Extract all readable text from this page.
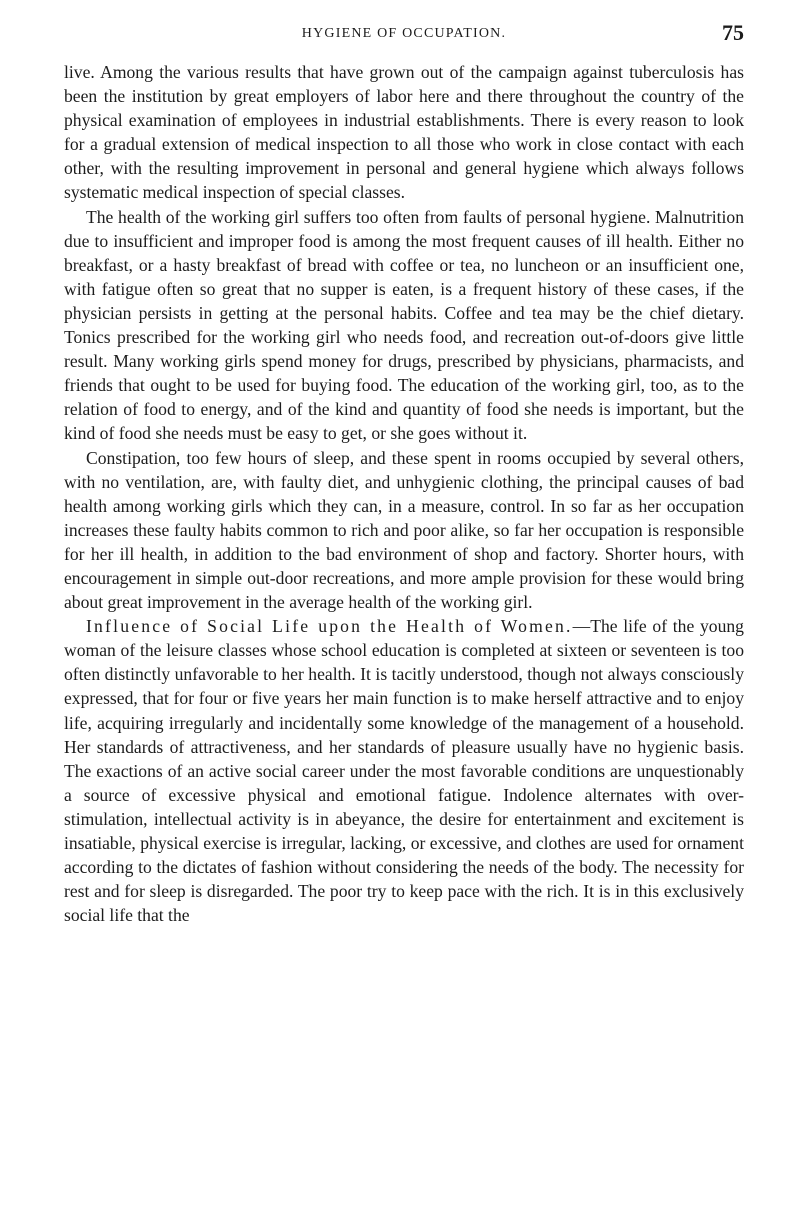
HYGIENE OF OCCUPATION.	75

live. Among the various results that have grown out of the campaign against tuberculosis has been the institution by great employers of labor here and there throughout the country of the physical examination of employees in industrial establishments. There is every reason to look for a gradual extension of medical inspection to all those who work in close contact with each other, with the resulting improvement in personal and general hygiene which always follows systematic medical inspection of special classes.

The health of the working girl suffers too often from faults of personal hygiene. Malnutrition due to insufficient and improper food is among the most frequent causes of ill health. Either no breakfast, or a hasty breakfast of bread with coffee or tea, no luncheon or an insufficient one, with fatigue often so great that no supper is eaten, is a frequent history of these cases, if the physician persists in getting at the personal habits. Coffee and tea may be the chief dietary. Tonics prescribed for the working girl who needs food, and recreation out-of-doors give little result. Many working girls spend money for drugs, prescribed by physicians, pharmacists, and friends that ought to be used for buying food. The education of the working girl, too, as to the relation of food to energy, and of the kind and quantity of food she needs is important, but the kind of food she needs must be easy to get, or she goes without it.

Constipation, too few hours of sleep, and these spent in rooms occupied by several others, with no ventilation, are, with faulty diet, and unhygienic clothing, the principal causes of bad health among working girls which they can, in a measure, control. In so far as her occupation increases these faulty habits common to rich and poor alike, so far her occupation is responsible for her ill health, in addition to the bad environment of shop and factory. Shorter hours, with encouragement in simple out-door recreations, and more ample provision for these would bring about great improvement in the average health of the working girl.

Influence of Social Life upon the Health of Women.—The life of the young woman of the leisure classes whose school education is completed at sixteen or seventeen is too often distinctly unfavorable to her health. It is tacitly understood, though not always consciously expressed, that for four or five years her main function is to make herself attractive and to enjoy life, acquiring irregularly and incidentally some knowledge of the management of a household. Her standards of attractiveness, and her standards of pleasure usually have no hygienic basis. The exactions of an active social career under the most favorable conditions are unquestionably a source of excessive physical and emotional fatigue. Indolence alternates with over-stimulation, intellectual activity is in abeyance, the desire for entertainment and excitement is insatiable, physical exercise is irregular, lacking, or excessive, and clothes are used for ornament according to the dictates of fashion without considering the needs of the body. The necessity for rest and for sleep is disregarded. The poor try to keep pace with the rich. It is in this exclusively social life that the
